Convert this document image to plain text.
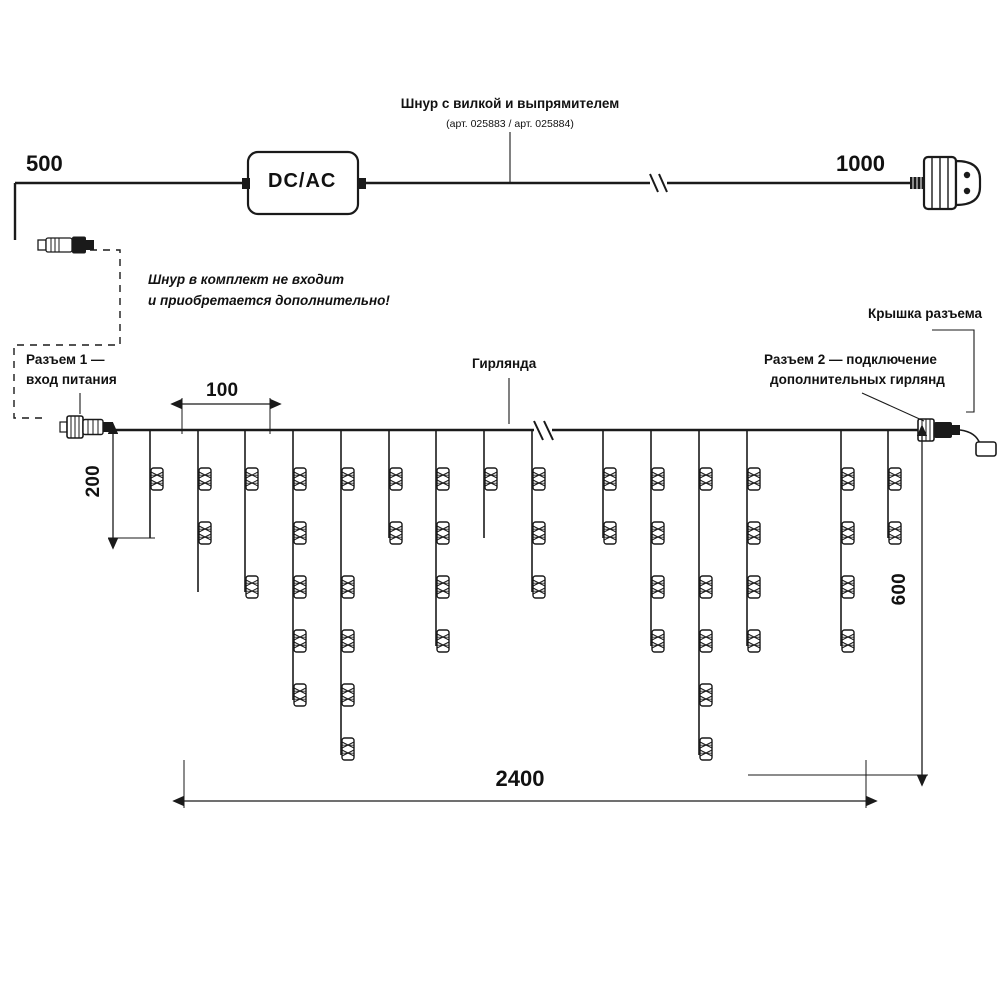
Шнур с вилкой и выпрямителем
(арт. 025883 / арт. 025884)
500	1000
DC/AC
Шнур в комплект не входит
и приобретается дополнительно!
Разъем 1 —
вход питания
Гирлянда	Разъем 2 — подключение
дополнительных гирлянд
Крышка разъема
100
200
600
2400
